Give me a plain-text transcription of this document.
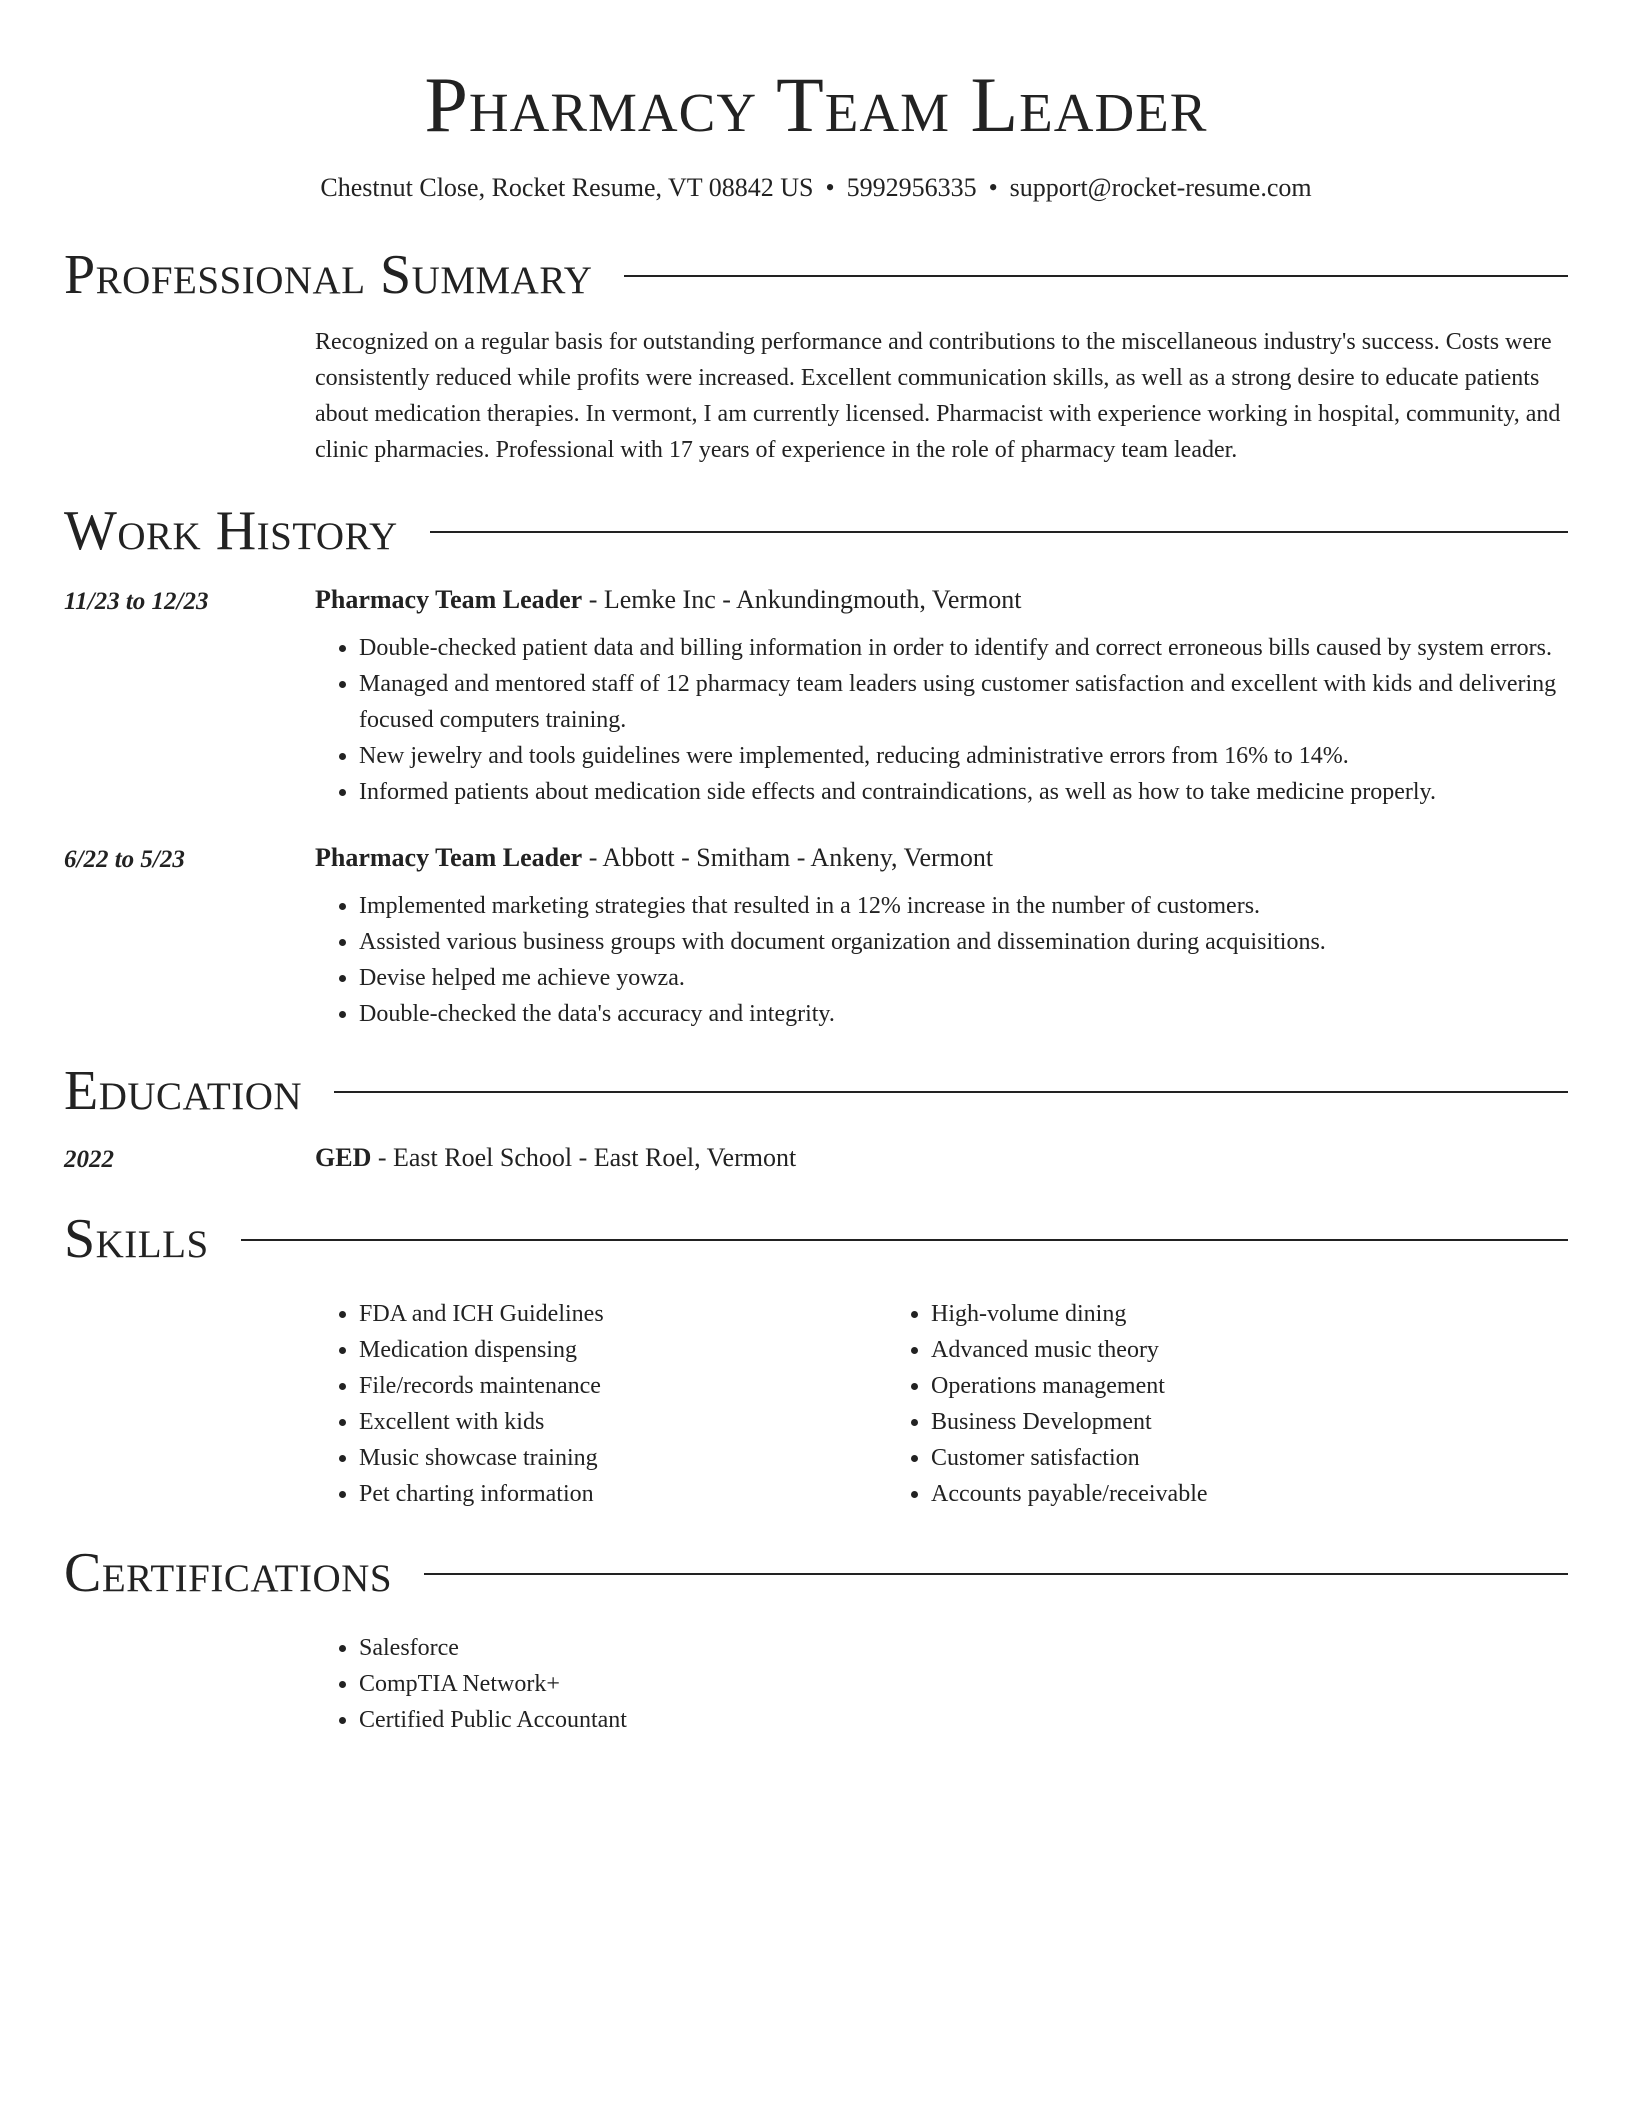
Pharmacy Team Leader
Chestnut Close, Rocket Resume, VT 08842 US • 5992956335 • support@rocket-resume.com
Professional Summary
Recognized on a regular basis for outstanding performance and contributions to the miscellaneous industry's success. Costs were consistently reduced while profits were increased. Excellent communication skills, as well as a strong desire to educate patients about medication therapies. In vermont, I am currently licensed. Pharmacist with experience working in hospital, community, and clinic pharmacies. Professional with 17 years of experience in the role of pharmacy team leader.
Work History
11/23 to 12/23	Pharmacy Team Leader - Lemke Inc - Ankundingmouth, Vermont
• Double-checked patient data and billing information in order to identify and correct erroneous bills caused by system errors.
• Managed and mentored staff of 12 pharmacy team leaders using customer satisfaction and excellent with kids and delivering focused computers training.
• New jewelry and tools guidelines were implemented, reducing administrative errors from 16% to 14%.
• Informed patients about medication side effects and contraindications, as well as how to take medicine properly.
6/22 to 5/23	Pharmacy Team Leader - Abbott - Smitham - Ankeny, Vermont
• Implemented marketing strategies that resulted in a 12% increase in the number of customers.
• Assisted various business groups with document organization and dissemination during acquisitions.
• Devise helped me achieve yowza.
• Double-checked the data's accuracy and integrity.
Education
2022	GED - East Roel School - East Roel, Vermont
Skills
• FDA and ICH Guidelines
• Medication dispensing
• File/records maintenance
• Excellent with kids
• Music showcase training
• Pet charting information
• High-volume dining
• Advanced music theory
• Operations management
• Business Development
• Customer satisfaction
• Accounts payable/receivable
Certifications
• Salesforce
• CompTIA Network+
• Certified Public Accountant
